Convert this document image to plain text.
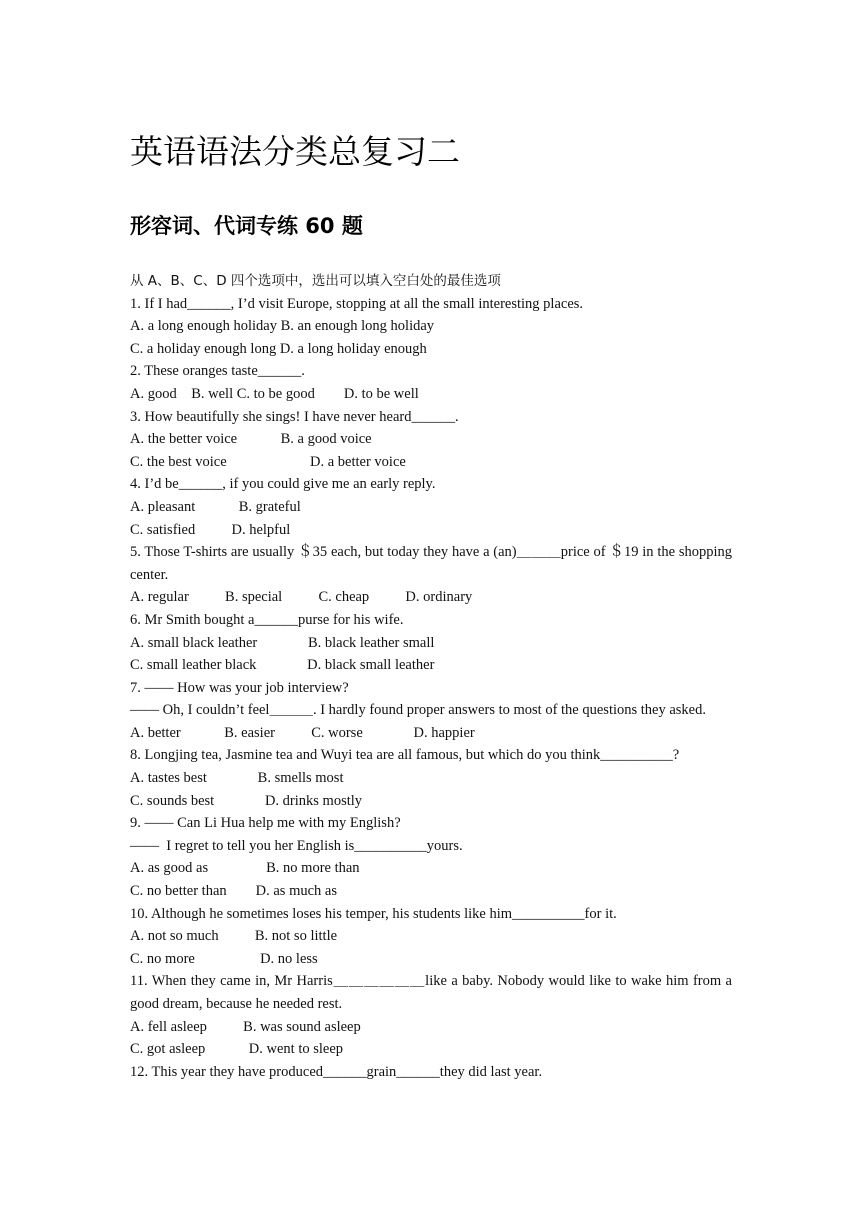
英语语法分类总复习二
形容词、代词专练 60 题
从 A、B、C、D 四个选项中，选出可以填入空白处的最佳选项
1. If I had______, I’d visit Europe, stopping at all the small interesting places.
A. a long enough holiday B. an enough long holiday
C. a holiday enough long D. a long holiday enough
2. These oranges taste______.
A. good    B. well C. to be good        D. to be well
3. How beautifully she sings! I have never heard______.
A. the better voice            B. a good voice
C. the best voice                       D. a better voice
4. I’d be______, if you could give me an early reply.
A. pleasant            B. grateful
C. satisfied          D. helpful
5. Those T-shirts are usually ＄35 each, but today they have a (an)＿＿＿price of ＄19 in the shopping center.
A. regular          B. special          C. cheap          D. ordinary
6. Mr Smith bought a______purse for his wife.
A. small black leather              B. black leather small
C. small leather black              D. black small leather
7. —— How was your job interview?
—— Oh, I couldn’t feel＿＿＿. I hardly found proper answers to most of the questions they asked.
A. better            B. easier          C. worse              D. happier
8. Longjing tea, Jasmine tea and Wuyi tea are all famous, but which do you think__________?
A. tastes best              B. smells most
C. sounds best              D. drinks mostly
9. —— Can Li Hua help me with my English?
——  I regret to tell you her English is__________yours.
A. as good as                B. no more than
C. no better than        D. as much as
10. Although he sometimes loses his temper, his students like him__________for it.
A. not so much          B. not so little
C. no more                  D. no less
11. When they came in, Mr Harris＿＿＿＿＿＿like a baby. Nobody would like to wake him from a good dream, because he needed rest.
A. fell asleep          B. was sound asleep
C. got asleep            D. went to sleep
12. This year they have produced______grain______they did last year.
